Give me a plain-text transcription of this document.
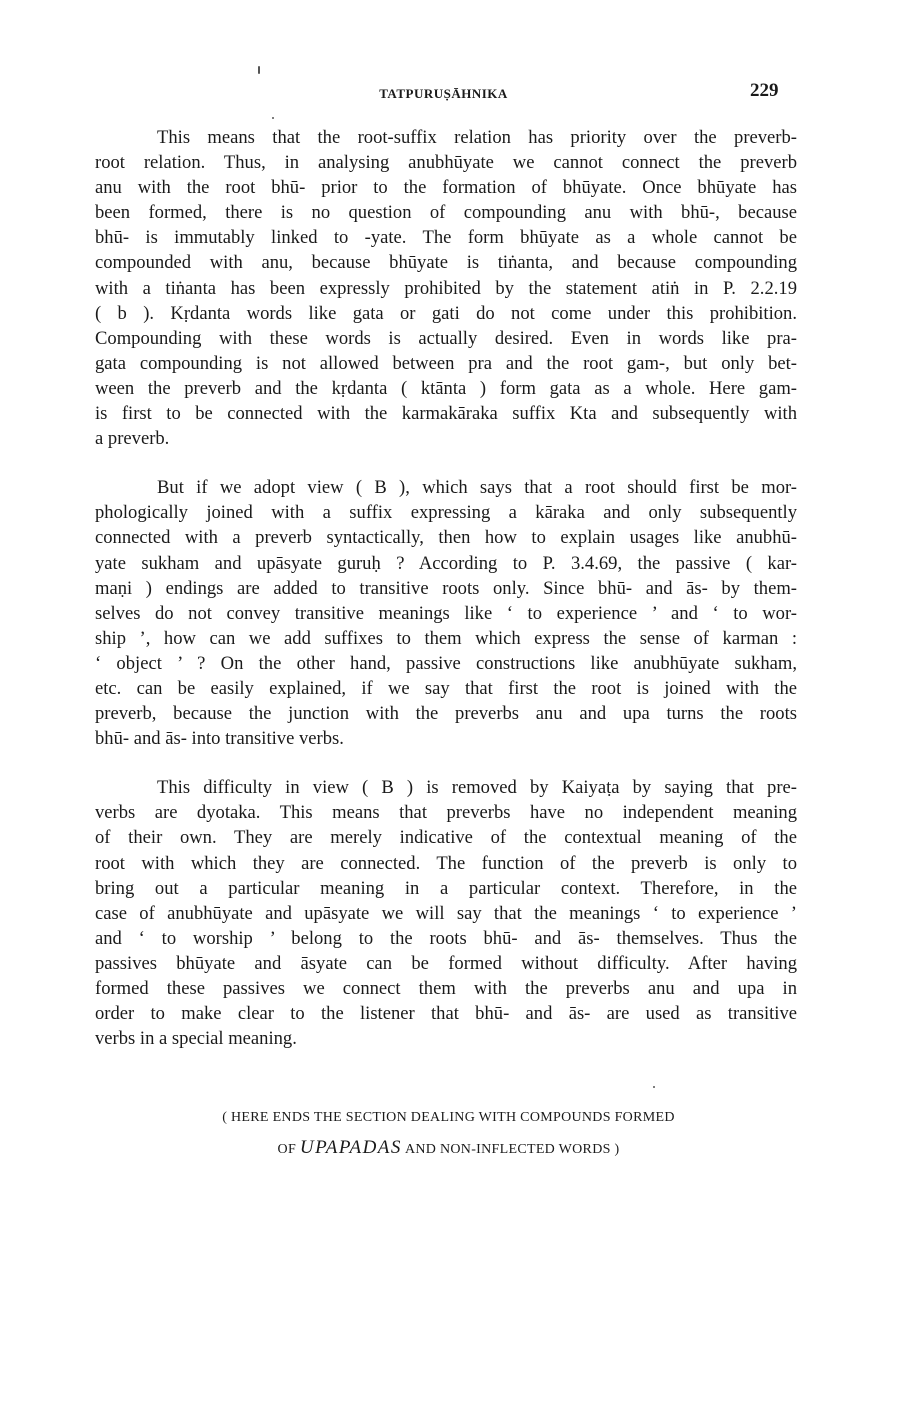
TATPURUṢĀHNIKA	229

This means that the root-suffix relation has priority over the preverb-
root relation. Thus, in analysing anubhūyate we cannot connect the preverb
anu with the root bhū- prior to the formation of bhūyate. Once bhūyate has
been formed, there is no question of compounding anu with bhū-, because
bhū- is immutably linked to -yate. The form bhūyate as a whole cannot be
compounded with anu, because bhūyate is tiṅanta, and because compounding
with a tiṅanta has been expressly prohibited by the statement atiṅ in P. 2.2.19
( b ). Kṛdanta words like gata or gati do not come under this prohibition.
Compounding with these words is actually desired. Even in words like pra-
gata compounding is not allowed between pra and the root gam-, but only bet-
ween the preverb and the kṛdanta ( ktānta ) form gata as a whole. Here gam-
is first to be connected with the karmakāraka suffix Kta and subsequently with
a preverb.

But if we adopt view ( B ), which says that a root should first be mor-
phologically joined with a suffix expressing a kāraka and only subsequently
connected with a preverb syntactically, then how to explain usages like anubhū-
yate sukham and upāsyate guruḥ ? According to P. 3.4.69, the passive ( kar-
maṇi ) endings are added to transitive roots only. Since bhū- and ās- by them-
selves do not convey transitive meanings like ‘ to experience ’ and ‘ to wor-
ship ’, how can we add suffixes to them which express the sense of karman :
‘ object ’ ? On the other hand, passive constructions like anubhūyate sukham,
etc. can be easily explained, if we say that first the root is joined with the
preverb, because the junction with the preverbs anu and upa turns the roots
bhū- and ās- into transitive verbs.

This difficulty in view ( B ) is removed by Kaiyaṭa by saying that pre-
verbs are dyotaka. This means that preverbs have no independent meaning
of their own. They are merely indicative of the contextual meaning of the
root with which they are connected. The function of the preverb is only to
bring out a particular meaning in a particular context. Therefore, in the
case of anubhūyate and upāsyate we will say that the meanings ‘ to experience ’
and ‘ to worship ’ belong to the roots bhū- and ās- themselves. Thus the
passives bhūyate and āsyate can be formed without difficulty. After having
formed these passives we connect them with the preverbs anu and upa in
order to make clear to the listener that bhū- and ās- are used as transitive
verbs in a special meaning.

( HERE ENDS THE SECTION DEALING WITH COMPOUNDS FORMED
OF UPAPADAS AND NON-INFLECTED WORDS )
